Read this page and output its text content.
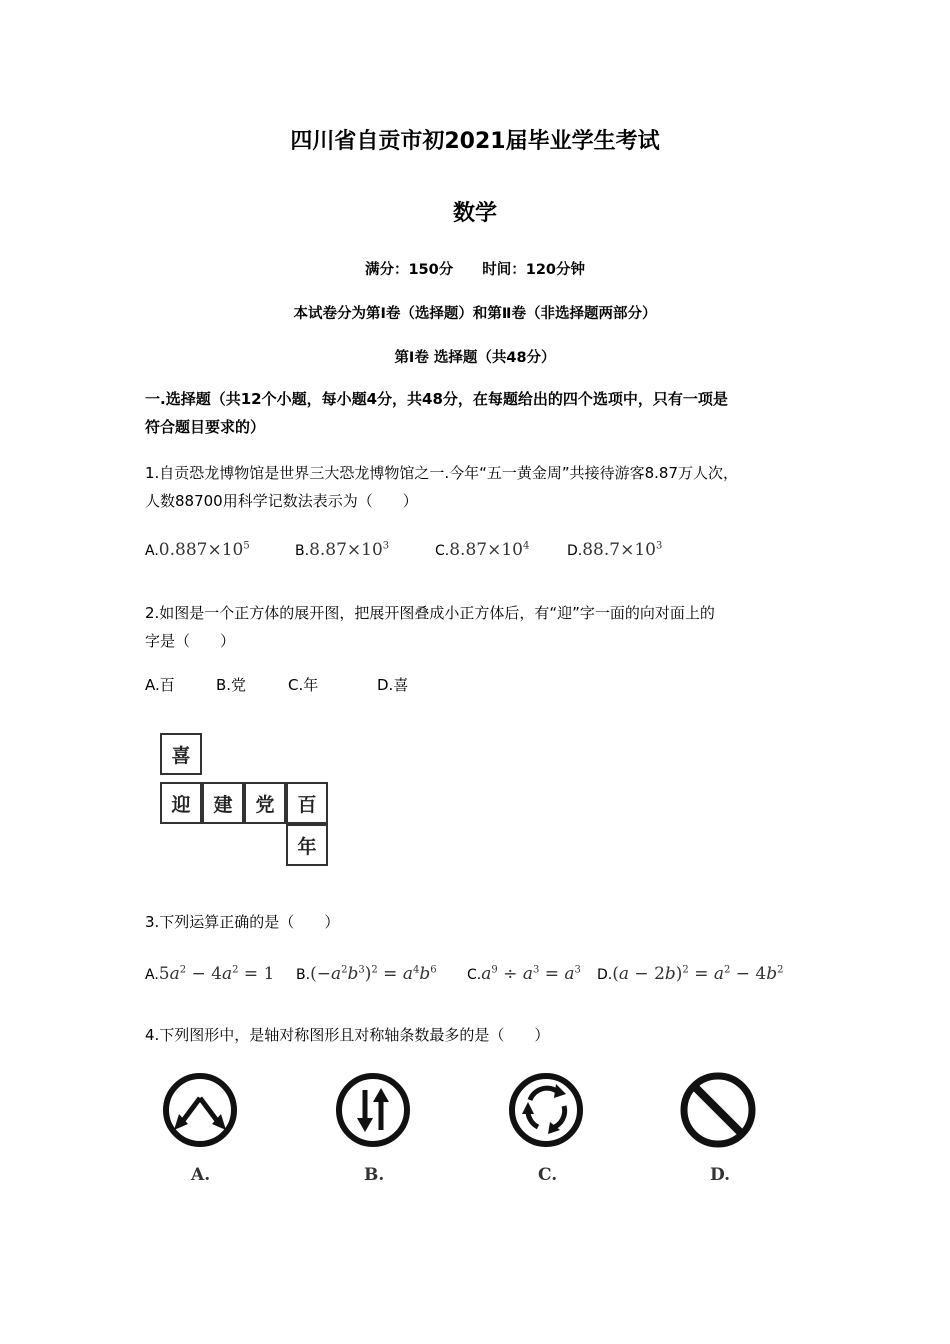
四川省自贡市初2021届毕业学生考试
数学
满分：150分　　时间：120分钟
本试卷分为第Ⅰ卷（选择题）和第Ⅱ卷（非选择题两部分）
第Ⅰ卷 选择题（共48分）
一.选择题（共12个小题，每小题4分，共48分，在每题给出的四个选项中，只有一项是
符合题目要求的）
1.自贡恐龙博物馆是世界三大恐龙博物馆之一.今年“五一黄金周”共接待游客8.87万人次，
人数88700用科学记数法表示为（　　）
$A.0.887\times 10^5$	$B.8.87\times 10^3$	$C.8.87\times 10^4$	$D.88.7\times 10^3$
2.如图是一个正方体的展开图，把展开图叠成小正方体后，有“迎”字一面的向对面上的
字是（　　）
A.百	B.党	C.年	D.喜
喜
迎	建	党	百
年
3.下列运算正确的是（　　）
$A.5a^2 - 4a^2 = 1$ $B.(-a^2b^3)^2 = a^4b^6$ $C.a^9 \div a^3 = a^3$ $D.(a - 2b)^2 = a^2 - 4b^2$
4.下列图形中，是轴对称图形且对称轴条数最多的是（　　）
A.	B.	C.	D.
